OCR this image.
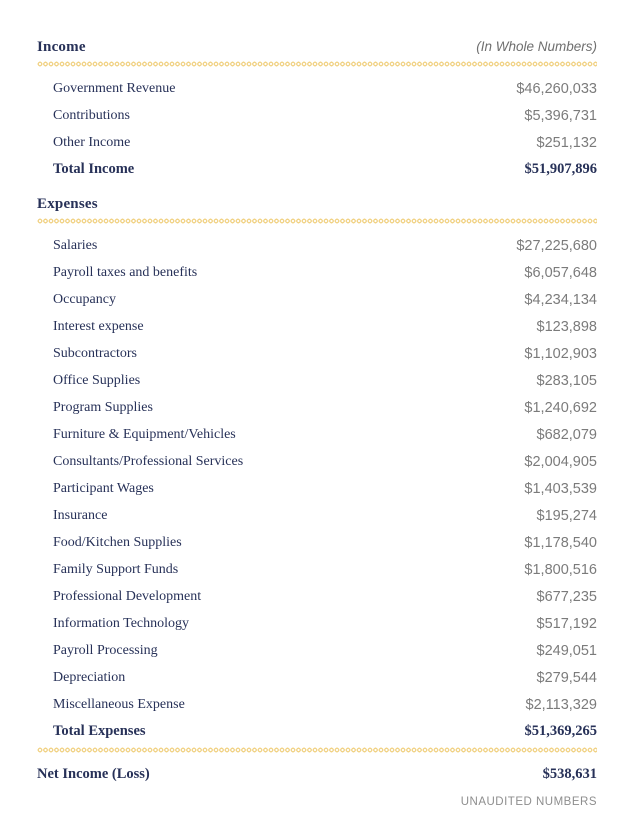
Income	(In Whole Numbers)
Government Revenue	$46,260,033
Contributions	$5,396,731
Other Income	$251,132
Total Income	$51,907,896
Expenses
Salaries	$27,225,680
Payroll taxes and benefits	$6,057,648
Occupancy	$4,234,134
Interest expense	$123,898
Subcontractors	$1,102,903
Office Supplies	$283,105
Program Supplies	$1,240,692
Furniture & Equipment/Vehicles	$682,079
Consultants/Professional Services	$2,004,905
Participant Wages	$1,403,539
Insurance	$195,274
Food/Kitchen Supplies	$1,178,540
Family Support Funds	$1,800,516
Professional Development	$677,235
Information Technology	$517,192
Payroll Processing	$249,051
Depreciation	$279,544
Miscellaneous Expense	$2,113,329
Total Expenses	$51,369,265
Net Income (Loss)	$538,631
UNAUDITED NUMBERS
